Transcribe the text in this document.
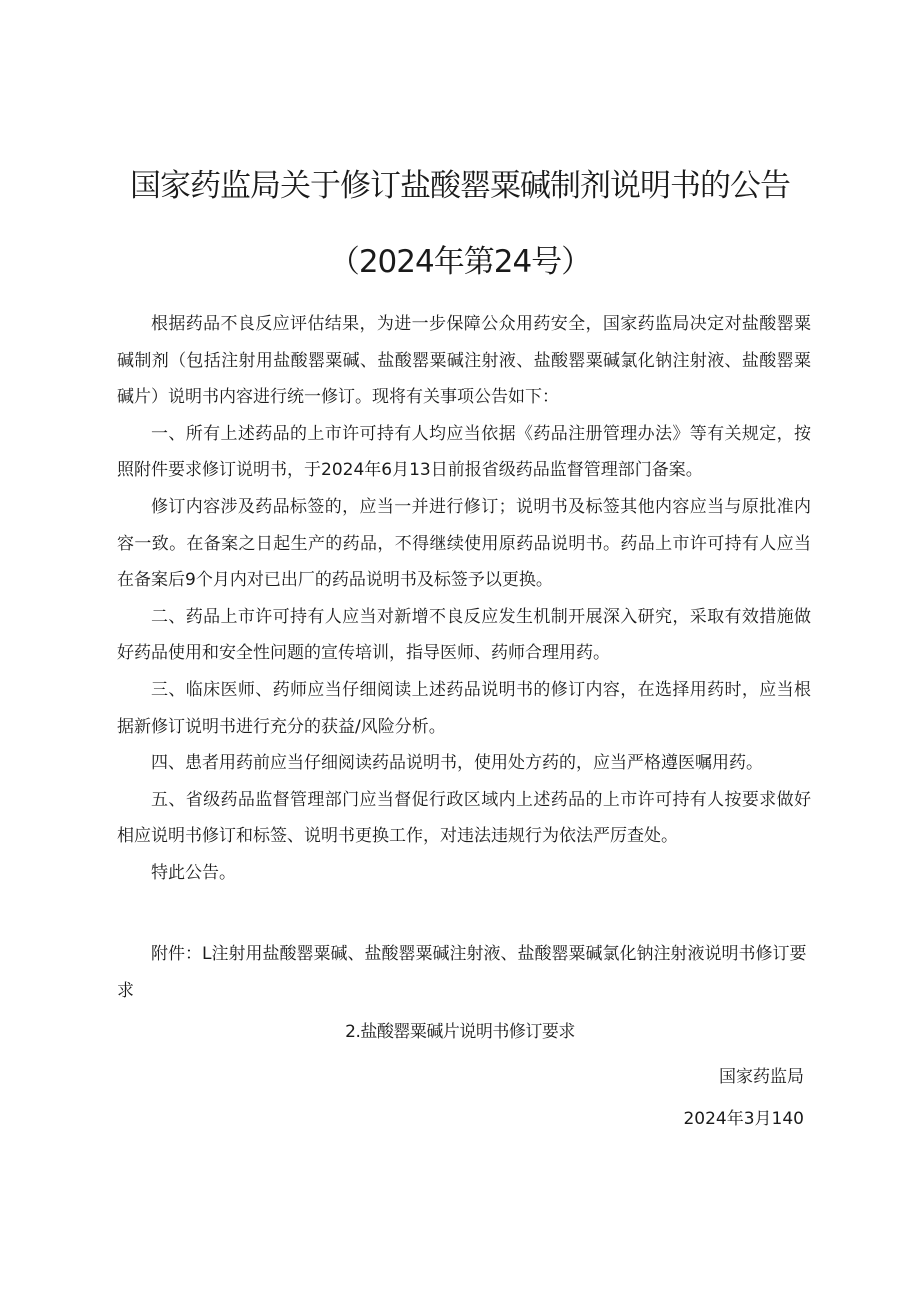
国家药监局关于修订盐酸罂粟碱制剂说明书的公告
（2024年第24号）

根据药品不良反应评估结果，为进一步保障公众用药安全，国家药监局决定对盐酸罂粟碱制剂（包括注射用盐酸罂粟碱、盐酸罂粟碱注射液、盐酸罂粟碱氯化钠注射液、盐酸罂粟碱片）说明书内容进行统一修订。现将有关事项公告如下：

一、所有上述药品的上市许可持有人均应当依据《药品注册管理办法》等有关规定，按照附件要求修订说明书，于2024年6月13日前报省级药品监督管理部门备案。

修订内容涉及药品标签的，应当一并进行修订；说明书及标签其他内容应当与原批准内容一致。在备案之日起生产的药品，不得继续使用原药品说明书。药品上市许可持有人应当在备案后9个月内对已出厂的药品说明书及标签予以更换。

二、药品上市许可持有人应当对新增不良反应发生机制开展深入研究，采取有效措施做好药品使用和安全性问题的宣传培训，指导医师、药师合理用药。

三、临床医师、药师应当仔细阅读上述药品说明书的修订内容，在选择用药时，应当根据新修订说明书进行充分的获益/风险分析。

四、患者用药前应当仔细阅读药品说明书，使用处方药的，应当严格遵医嘱用药。

五、省级药品监督管理部门应当督促行政区域内上述药品的上市许可持有人按要求做好相应说明书修订和标签、说明书更换工作，对违法违规行为依法严厉查处。

特此公告。

附件：L注射用盐酸罂粟碱、盐酸罂粟碱注射液、盐酸罂粟碱氯化钠注射液说明书修订要求

2.盐酸罂粟碱片说明书修订要求

国家药监局

2024年3月140
